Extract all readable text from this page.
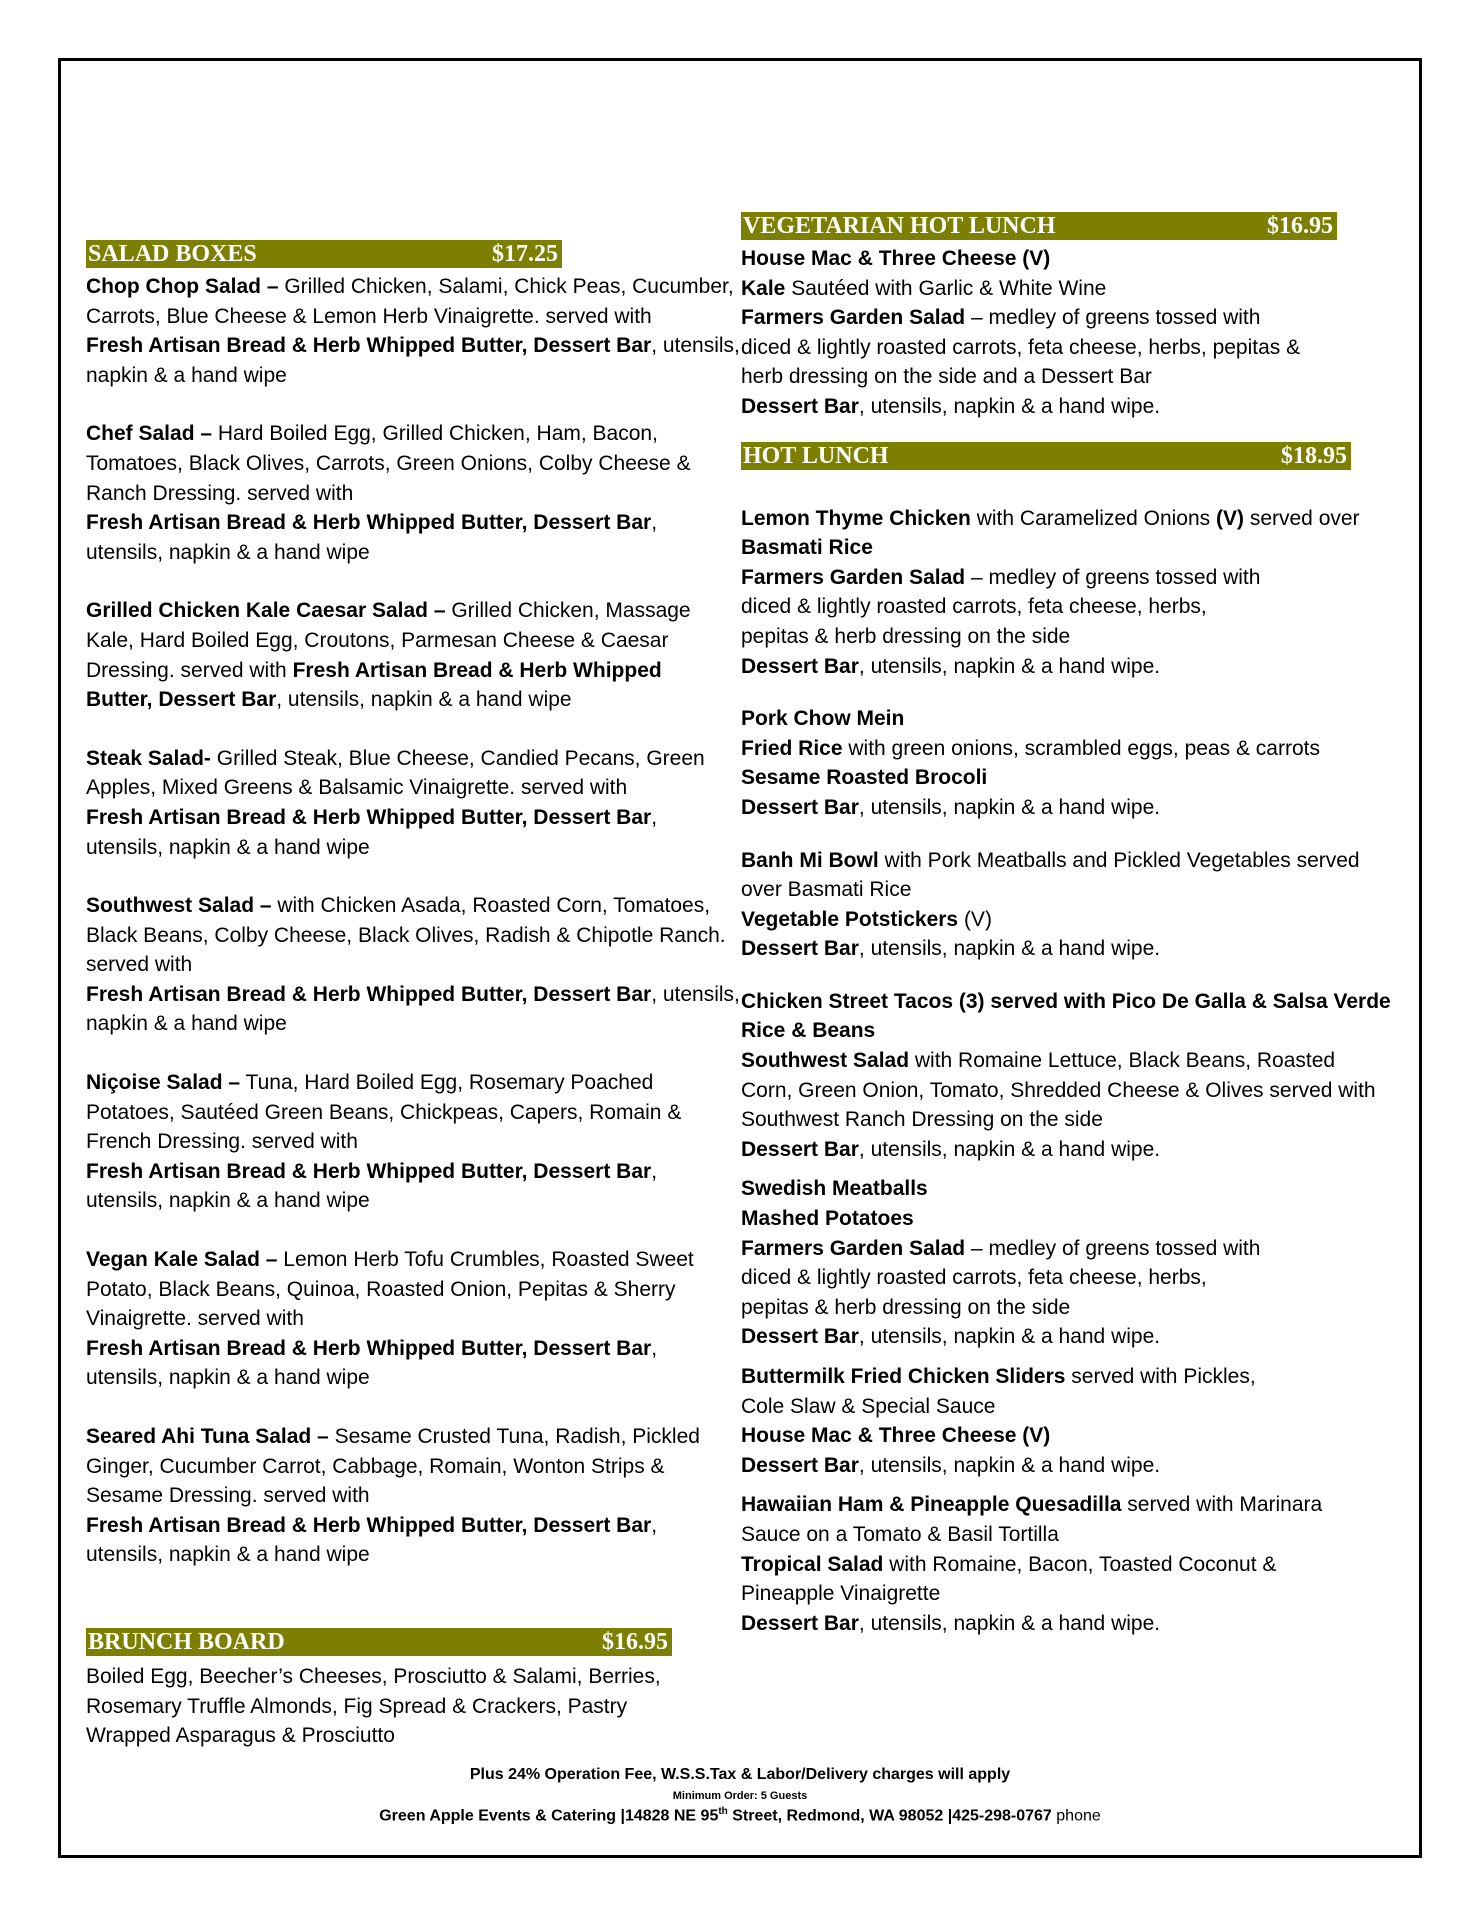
SALAD BOXES	$17.25

Chop Chop Salad – Grilled Chicken, Salami, Chick Peas, Cucumber, Carrots, Blue Cheese & Lemon Herb Vinaigrette. served with

Fresh Artisan Bread & Herb Whipped Butter, Dessert Bar, utensils, napkin & a hand wipe

Chef Salad – Hard Boiled Egg, Grilled Chicken, Ham, Bacon, Tomatoes, Black Olives, Carrots, Green Onions, Colby Cheese & Ranch Dressing. served with

Fresh Artisan Bread & Herb Whipped Butter, Dessert Bar, utensils, napkin & a hand wipe

Grilled Chicken Kale Caesar Salad – Grilled Chicken, Massage Kale, Hard Boiled Egg, Croutons, Parmesan Cheese & Caesar Dressing. served with Fresh Artisan Bread & Herb Whipped Butter, Dessert Bar, utensils, napkin & a hand wipe

Steak Salad- Grilled Steak, Blue Cheese, Candied Pecans, Green Apples, Mixed Greens & Balsamic Vinaigrette. served with

Fresh Artisan Bread & Herb Whipped Butter, Dessert Bar, utensils, napkin & a hand wipe

Southwest Salad – with Chicken Asada, Roasted Corn, Tomatoes, Black Beans, Colby Cheese, Black Olives, Radish & Chipotle Ranch. served with

Fresh Artisan Bread & Herb Whipped Butter, Dessert Bar, utensils, napkin & a hand wipe

Niçoise Salad – Tuna, Hard Boiled Egg, Rosemary Poached Potatoes, Sautéed Green Beans, Chickpeas, Capers, Romain & French Dressing. served with

Fresh Artisan Bread & Herb Whipped Butter, Dessert Bar, utensils, napkin & a hand wipe

Vegan Kale Salad – Lemon Herb Tofu Crumbles, Roasted Sweet Potato, Black Beans, Quinoa, Roasted Onion, Pepitas & Sherry Vinaigrette. served with

Fresh Artisan Bread & Herb Whipped Butter, Dessert Bar, utensils, napkin & a hand wipe

Seared Ahi Tuna Salad – Sesame Crusted Tuna, Radish, Pickled Ginger, Cucumber Carrot, Cabbage, Romain, Wonton Strips & Sesame Dressing. served with

Fresh Artisan Bread & Herb Whipped Butter, Dessert Bar, utensils, napkin & a hand wipe

BRUNCH BOARD	$16.95

Boiled Egg, Beecher’s Cheeses, Prosciutto & Salami, Berries, Rosemary Truffle Almonds, Fig Spread & Crackers, Pastry Wrapped Asparagus & Prosciutto

VEGETARIAN HOT LUNCH	$16.95

House Mac & Three Cheese (V)

Kale Sautéed with Garlic & White Wine

Farmers Garden Salad – medley of greens tossed with diced & lightly roasted carrots, feta cheese, herbs, pepitas & herb dressing on the side and a Dessert Bar

Dessert Bar, utensils, napkin & a hand wipe.

HOT LUNCH	$18.95

Lemon Thyme Chicken with Caramelized Onions (V) served over

Basmati Rice

Farmers Garden Salad – medley of greens tossed with diced & lightly roasted carrots, feta cheese, herbs, pepitas & herb dressing on the side

Dessert Bar, utensils, napkin & a hand wipe.

Pork Chow Mein

Fried Rice with green onions, scrambled eggs, peas & carrots

Sesame Roasted Brocoli

Dessert Bar, utensils, napkin & a hand wipe.

Banh Mi Bowl with Pork Meatballs and Pickled Vegetables served over Basmati Rice

Vegetable Potstickers (V)

Dessert Bar, utensils, napkin & a hand wipe.

Chicken Street Tacos (3) served with Pico De Galla & Salsa Verde

Rice & Beans

Southwest Salad with Romaine Lettuce, Black Beans, Roasted Corn, Green Onion, Tomato, Shredded Cheese & Olives served with Southwest Ranch Dressing on the side

Dessert Bar, utensils, napkin & a hand wipe.

Swedish Meatballs

Mashed Potatoes

Farmers Garden Salad – medley of greens tossed with diced & lightly roasted carrots, feta cheese, herbs, pepitas & herb dressing on the side

Dessert Bar, utensils, napkin & a hand wipe.

Buttermilk Fried Chicken Sliders served with Pickles, Cole Slaw & Special Sauce

House Mac & Three Cheese (V)

Dessert Bar, utensils, napkin & a hand wipe.

Hawaiian Ham & Pineapple Quesadilla served with Marinara Sauce on a Tomato & Basil Tortilla

Tropical Salad with Romaine, Bacon, Toasted Coconut & Pineapple Vinaigrette

Dessert Bar, utensils, napkin & a hand wipe.

Plus 24% Operation Fee, W.S.S.Tax & Labor/Delivery charges will apply
Minimum Order: 5 Guests
Green Apple Events & Catering |14828 NE 95th Street, Redmond, WA 98052 |425-298-0767 phone
